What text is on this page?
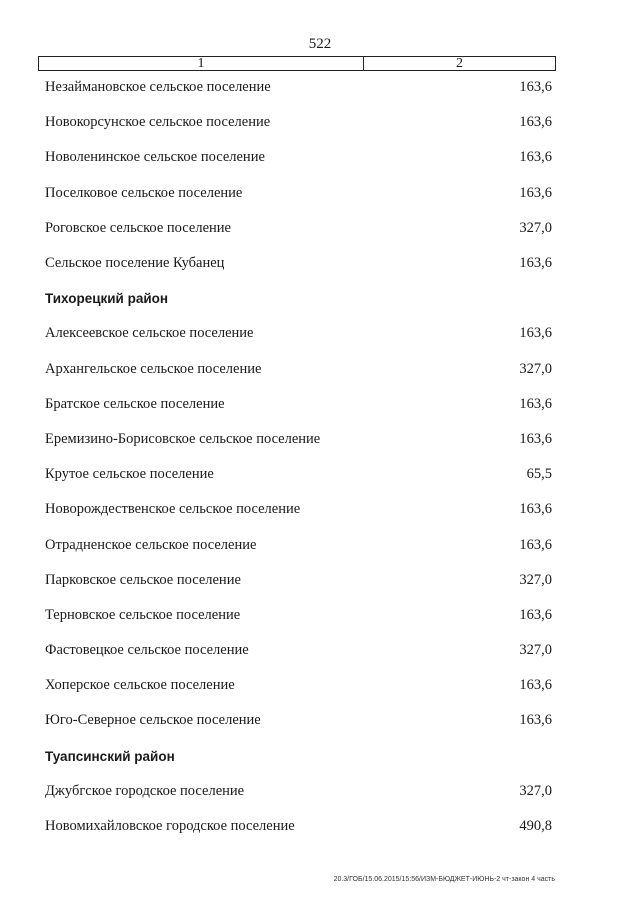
522
1	2
Незаймановское сельское поселение	163,6
Новокорсунское сельское поселение	163,6
Новоленинское сельское поселение	163,6
Поселковое сельское поселение	163,6
Роговское сельское поселение	327,0
Сельское поселение Кубанец	163,6
Тихорецкий район
Алексеевское сельское поселение	163,6
Архангельское сельское поселение	327,0
Братское сельское поселение	163,6
Еремизино-Борисовское сельское поселение	163,6
Крутое сельское поселение	65,5
Новорождественское сельское поселение	163,6
Отрадненское сельское поселение	163,6
Парковское сельское поселение	327,0
Терновское сельское поселение	163,6
Фастовецкое сельское поселение	327,0
Хоперское сельское поселение	163,6
Юго-Северное сельское поселение	163,6
Туапсинский район
Джубгское городское поселение	327,0
Новомихайловское городское поселение	490,8
20.3/ГОБ/15.06.2015/15:56/ИЗМ-БЮДЖЕТ-ИЮНЬ-2 чт-закон 4 часть
